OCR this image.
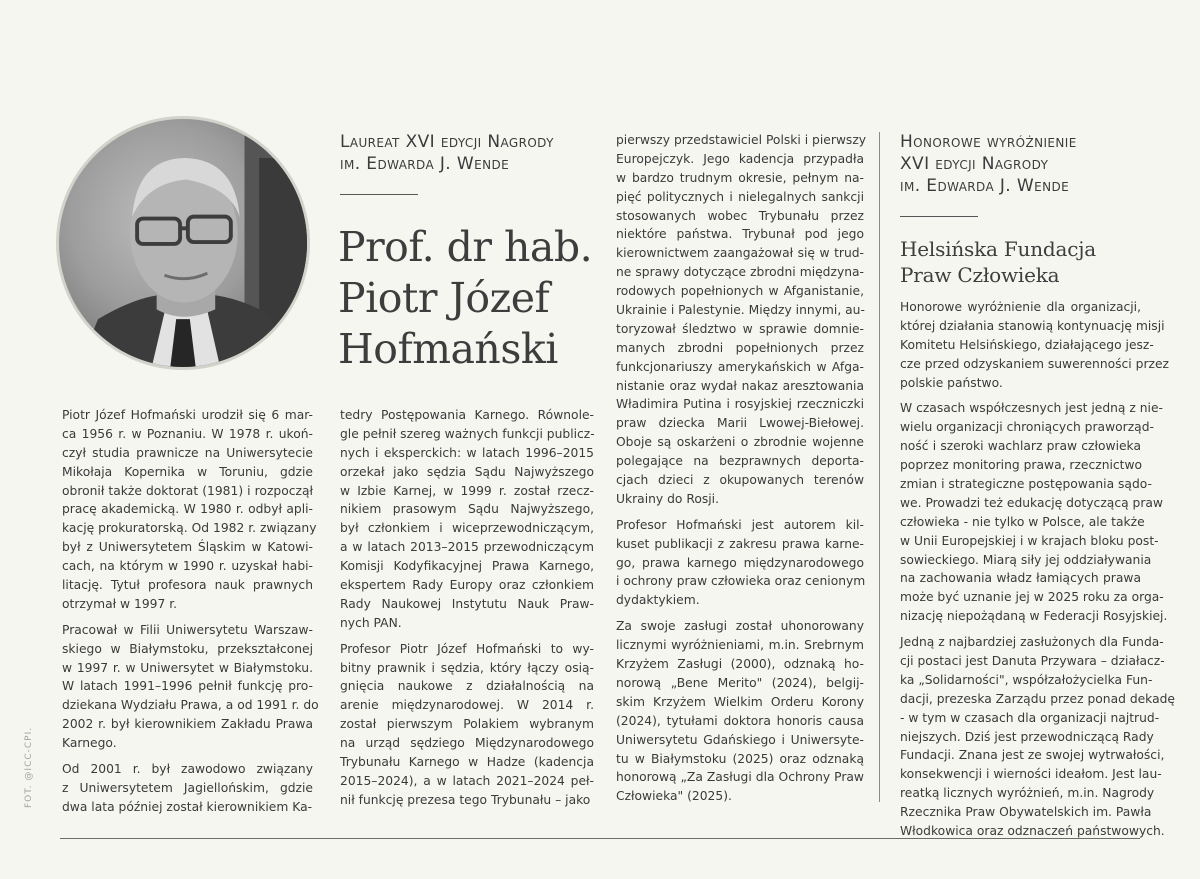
FOT. @ICC-CPI.
Laureat XVI edycji Nagrody
im. Edwarda J. Wende
Prof. dr hab.
Piotr Józef
Hofmański

Piotr Józef Hofmański urodził się 6 mar-
ca 1956 r. w Poznaniu. W 1978 r. ukoń-
czył studia prawnicze na Uniwersytecie
Mikołaja Kopernika w Toruniu, gdzie
obronił także doktorat (1981) i rozpoczął
pracę akademicką. W 1980 r. odbył apli-
kację prokuratorską. Od 1982 r. związany
był z Uniwersytetem Śląskim w Katowi-
cach, na którym w 1990 r. uzyskał habi-
litację. Tytuł profesora nauk prawnych
otrzymał w 1997 r.

Pracował w Filii Uniwersytetu Warszaw-
skiego w Białymstoku, przekształconej
w 1997 r. w Uniwersytet w Białymstoku.
W latach 1991–1996 pełnił funkcję pro-
dziekana Wydziału Prawa, a od 1991 r. do
2002 r. był kierownikiem Zakładu Prawa
Karnego.

Od 2001 r. był zawodowo związany
z Uniwersytetem Jagiellońskim, gdzie
dwa lata później został kierownikiem Ka-

tedry Postępowania Karnego. Równole-
gle pełnił szereg ważnych funkcji publicz-
nych i eksperckich: w latach 1996–2015
orzekał jako sędzia Sądu Najwyższego
w Izbie Karnej, w 1999 r. został rzecz-
nikiem prasowym Sądu Najwyższego,
był członkiem i wiceprzewodniczącym,
a w latach 2013–2015 przewodniczącym
Komisji Kodyfikacyjnej Prawa Karnego,
ekspertem Rady Europy oraz członkiem
Rady Naukowej Instytutu Nauk Praw-
nych PAN.

Profesor Piotr Józef Hofmański to wy-
bitny prawnik i sędzia, który łączy osią-
gnięcia naukowe z działalnością na
arenie międzynarodowej. W 2014 r.
został pierwszym Polakiem wybranym
na urząd sędziego Międzynarodowego
Trybunału Karnego w Hadze (kadencja
2015–2024), a w latach 2021–2024 peł-
nił funkcję prezesa tego Trybunału – jako

pierwszy przedstawiciel Polski i pierwszy
Europejczyk. Jego kadencja przypadła
w bardzo trudnym okresie, pełnym na-
pięć politycznych i nielegalnych sankcji
stosowanych wobec Trybunału przez
niektóre państwa. Trybunał pod jego
kierownictwem zaangażował się w trud-
ne sprawy dotyczące zbrodni międzyna-
rodowych popełnionych w Afganistanie,
Ukrainie i Palestynie. Między innymi, au-
toryzował śledztwo w sprawie domnie-
manych zbrodni popełnionych przez
funkcjonariuszy amerykańskich w Afga-
nistanie oraz wydał nakaz aresztowania
Władimira Putina i rosyjskiej rzeczniczki
praw dziecka Marii Lwowej-Biełowej.
Oboje są oskarżeni o zbrodnie wojenne
polegające na bezprawnych deporta-
cjach dzieci z okupowanych terenów
Ukrainy do Rosji.

Profesor Hofmański jest autorem kil-
kuset publikacji z zakresu prawa karne-
go, prawa karnego międzynarodowego
i ochrony praw człowieka oraz cenionym
dydaktykiem.

Za swoje zasługi został uhonorowany
licznymi wyróżnieniami, m.in. Srebrnym
Krzyżem Zasługi (2000), odznaką ho-
norową „Bene Merito" (2024), belgij-
skim Krzyżem Wielkim Orderu Korony
(2024), tytułami doktora honoris causa
Uniwersytetu Gdańskiego i Uniwersyte-
tu w Białymstoku (2025) oraz odznaką
honorową „Za Zasługi dla Ochrony Praw
Człowieka" (2025).

Honorowe wyróżnienie
XVI edycji Nagrody
im. Edwarda J. Wende
Helsińska Fundacja
Praw Człowieka

Honorowe wyróżnienie dla organizacji,
której działania stanowią kontynuację misji
Komitetu Helsińskiego, działającego jesz-
cze przed odzyskaniem suwerenności przez
polskie państwo.

W czasach współczesnych jest jedną z nie-
wielu organizacji chroniących praworząd-
ność i szeroki wachlarz praw człowieka
poprzez monitoring prawa, rzecznictwo
zmian i strategiczne postępowania sądo-
we. Prowadzi też edukację dotyczącą praw
człowieka - nie tylko w Polsce, ale także
w Unii Europejskiej i w krajach bloku post-
sowieckiego. Miarą siły jej oddziaływania
na zachowania władz łamiących prawa
może być uznanie jej w 2025 roku za orga-
nizację niepożądaną w Federacji Rosyjskiej.

Jedną z najbardziej zasłużonych dla Funda-
cji postaci jest Danuta Przywara – działacz-
ka „Solidarności", współzałożycielka Fun-
dacji, prezeska Zarządu przez ponad dekadę
- w tym w czasach dla organizacji najtrud-
niejszych. Dziś jest przewodniczącą Rady
Fundacji. Znana jest ze swojej wytrwałości,
konsekwencji i wierności ideałom. Jest lau-
reatką licznych wyróżnień, m.in. Nagrody
Rzecznika Praw Obywatelskich im. Pawła
Włodkowica oraz odznaczeń państwowych.
